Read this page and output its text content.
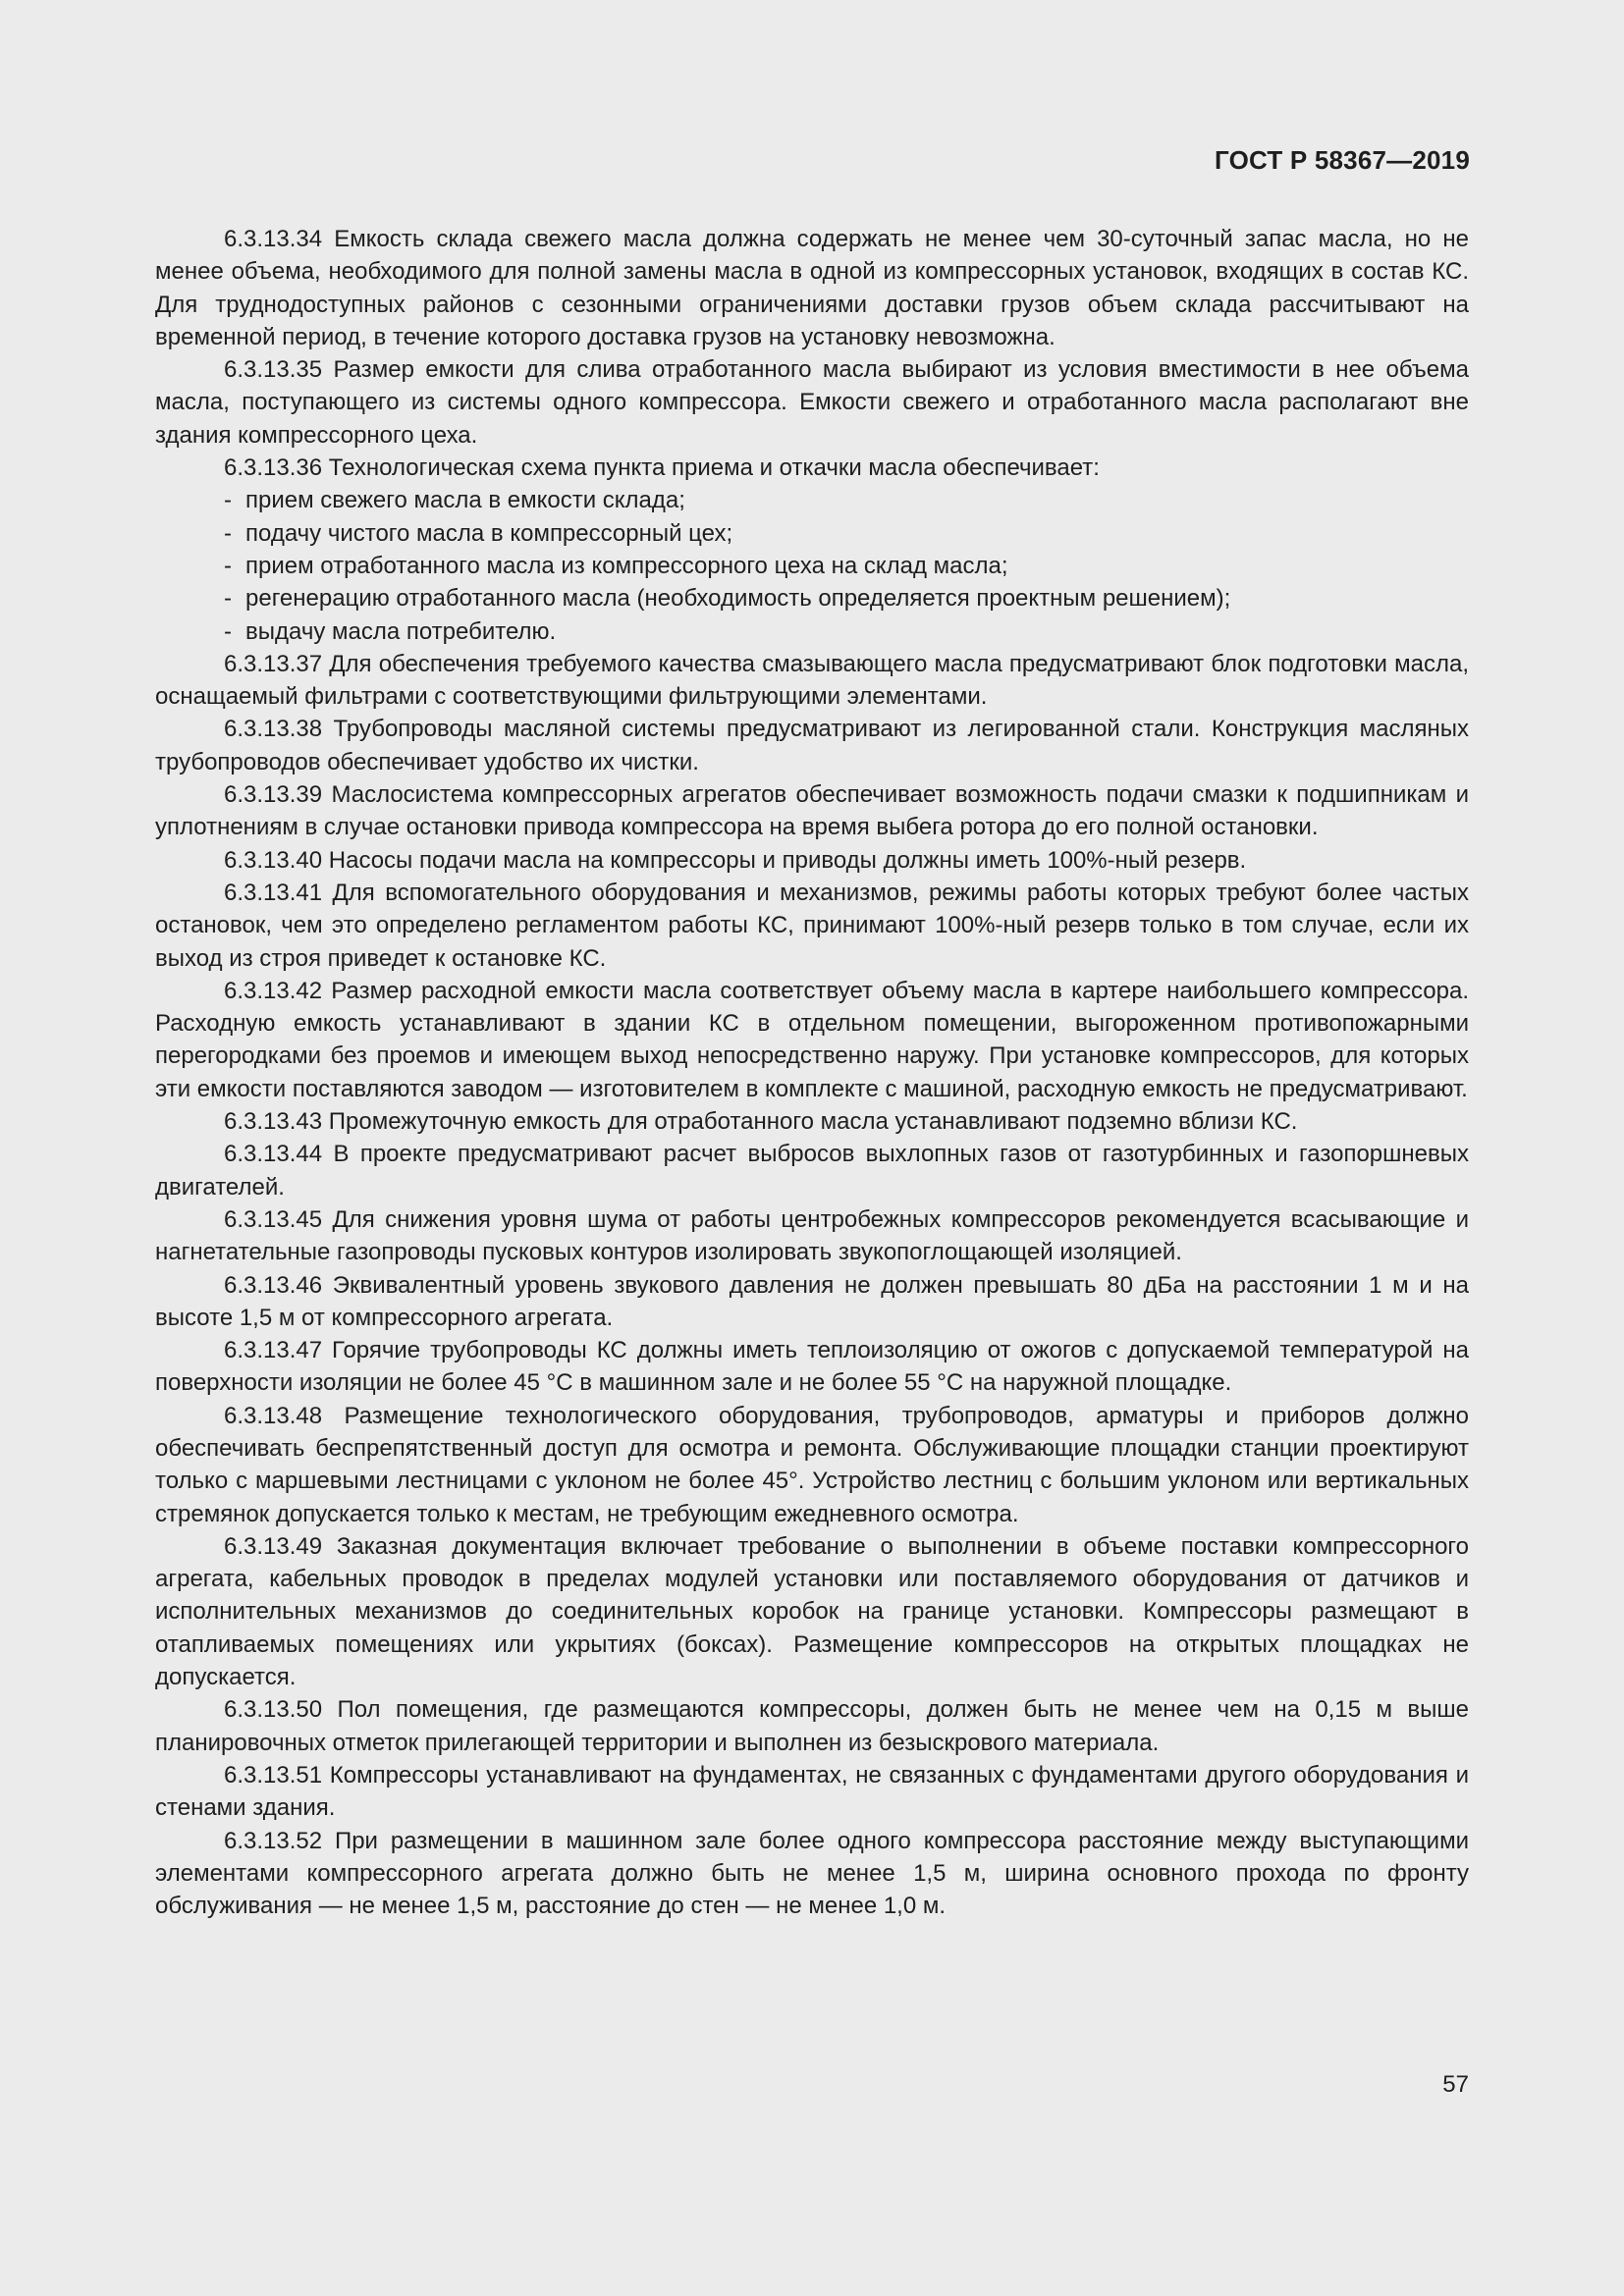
ГОСТ Р 58367—2019

6.3.13.34 Емкость склада свежего масла должна содержать не менее чем 30-суточный запас масла, но не менее объема, необходимого для полной замены масла в одной из компрессорных установок, входящих в состав КС. Для труднодоступных районов с сезонными ограничениями доставки грузов объем склада рассчитывают на временной период, в течение которого доставка грузов на установку невозможна.

6.3.13.35 Размер емкости для слива отработанного масла выбирают из условия вместимости в нее объема масла, поступающего из системы одного компрессора. Емкости свежего и отработанного масла располагают вне здания компрессорного цеха.

6.3.13.36 Технологическая схема пункта приема и откачки масла обеспечивает:

- прием свежего масла в емкости склада;
- подачу чистого масла в компрессорный цех;
- прием отработанного масла из компрессорного цеха на склад масла;
- регенерацию отработанного масла (необходимость определяется проектным решением);
- выдачу масла потребителю.

6.3.13.37 Для обеспечения требуемого качества смазывающего масла предусматривают блок подготовки масла, оснащаемый фильтрами с соответствующими фильтрующими элементами.

6.3.13.38 Трубопроводы масляной системы предусматривают из легированной стали. Конструкция масляных трубопроводов обеспечивает удобство их чистки.

6.3.13.39 Маслосистема компрессорных агрегатов обеспечивает возможность подачи смазки к подшипникам и уплотнениям в случае остановки привода компрессора на время выбега ротора до его полной остановки.

6.3.13.40 Насосы подачи масла на компрессоры и приводы должны иметь 100%-ный резерв.

6.3.13.41 Для вспомогательного оборудования и механизмов, режимы работы которых требуют более частых остановок, чем это определено регламентом работы КС, принимают 100%-ный резерв только в том случае, если их выход из строя приведет к остановке КС.

6.3.13.42 Размер расходной емкости масла соответствует объему масла в картере наибольшего компрессора. Расходную емкость устанавливают в здании КС в отдельном помещении, выгороженном противопожарными перегородками без проемов и имеющем выход непосредственно наружу. При установке компрессоров, для которых эти емкости поставляются заводом — изготовителем в комплекте с машиной, расходную емкость не предусматривают.

6.3.13.43 Промежуточную емкость для отработанного масла устанавливают подземно вблизи КС.

6.3.13.44 В проекте предусматривают расчет выбросов выхлопных газов от газотурбинных и газопоршневых двигателей.

6.3.13.45 Для снижения уровня шума от работы центробежных компрессоров рекомендуется всасывающие и нагнетательные газопроводы пусковых контуров изолировать звукопоглощающей изоляцией.

6.3.13.46 Эквивалентный уровень звукового давления не должен превышать 80 дБа на расстоянии 1 м и на высоте 1,5 м от компрессорного агрегата.

6.3.13.47 Горячие трубопроводы КС должны иметь теплоизоляцию от ожогов с допускаемой температурой на поверхности изоляции не более 45 °С в машинном зале и не более 55 °С на наружной площадке.

6.3.13.48 Размещение технологического оборудования, трубопроводов, арматуры и приборов должно обеспечивать беспрепятственный доступ для осмотра и ремонта. Обслуживающие площадки станции проектируют только с маршевыми лестницами с уклоном не более 45°. Устройство лестниц с большим уклоном или вертикальных стремянок допускается только к местам, не требующим ежедневного осмотра.

6.3.13.49 Заказная документация включает требование о выполнении в объеме поставки компрессорного агрегата, кабельных проводок в пределах модулей установки или поставляемого оборудования от датчиков и исполнительных механизмов до соединительных коробок на границе установки. Компрессоры размещают в отапливаемых помещениях или укрытиях (боксах). Размещение компрессоров на открытых площадках не допускается.

6.3.13.50 Пол помещения, где размещаются компрессоры, должен быть не менее чем на 0,15 м выше планировочных отметок прилегающей территории и выполнен из безыскрового материала.

6.3.13.51 Компрессоры устанавливают на фундаментах, не связанных с фундаментами другого оборудования и стенами здания.

6.3.13.52 При размещении в машинном зале более одного компрессора расстояние между выступающими элементами компрессорного агрегата должно быть не менее 1,5 м, ширина основного прохода по фронту обслуживания — не менее 1,5 м, расстояние до стен — не менее 1,0 м.

57
